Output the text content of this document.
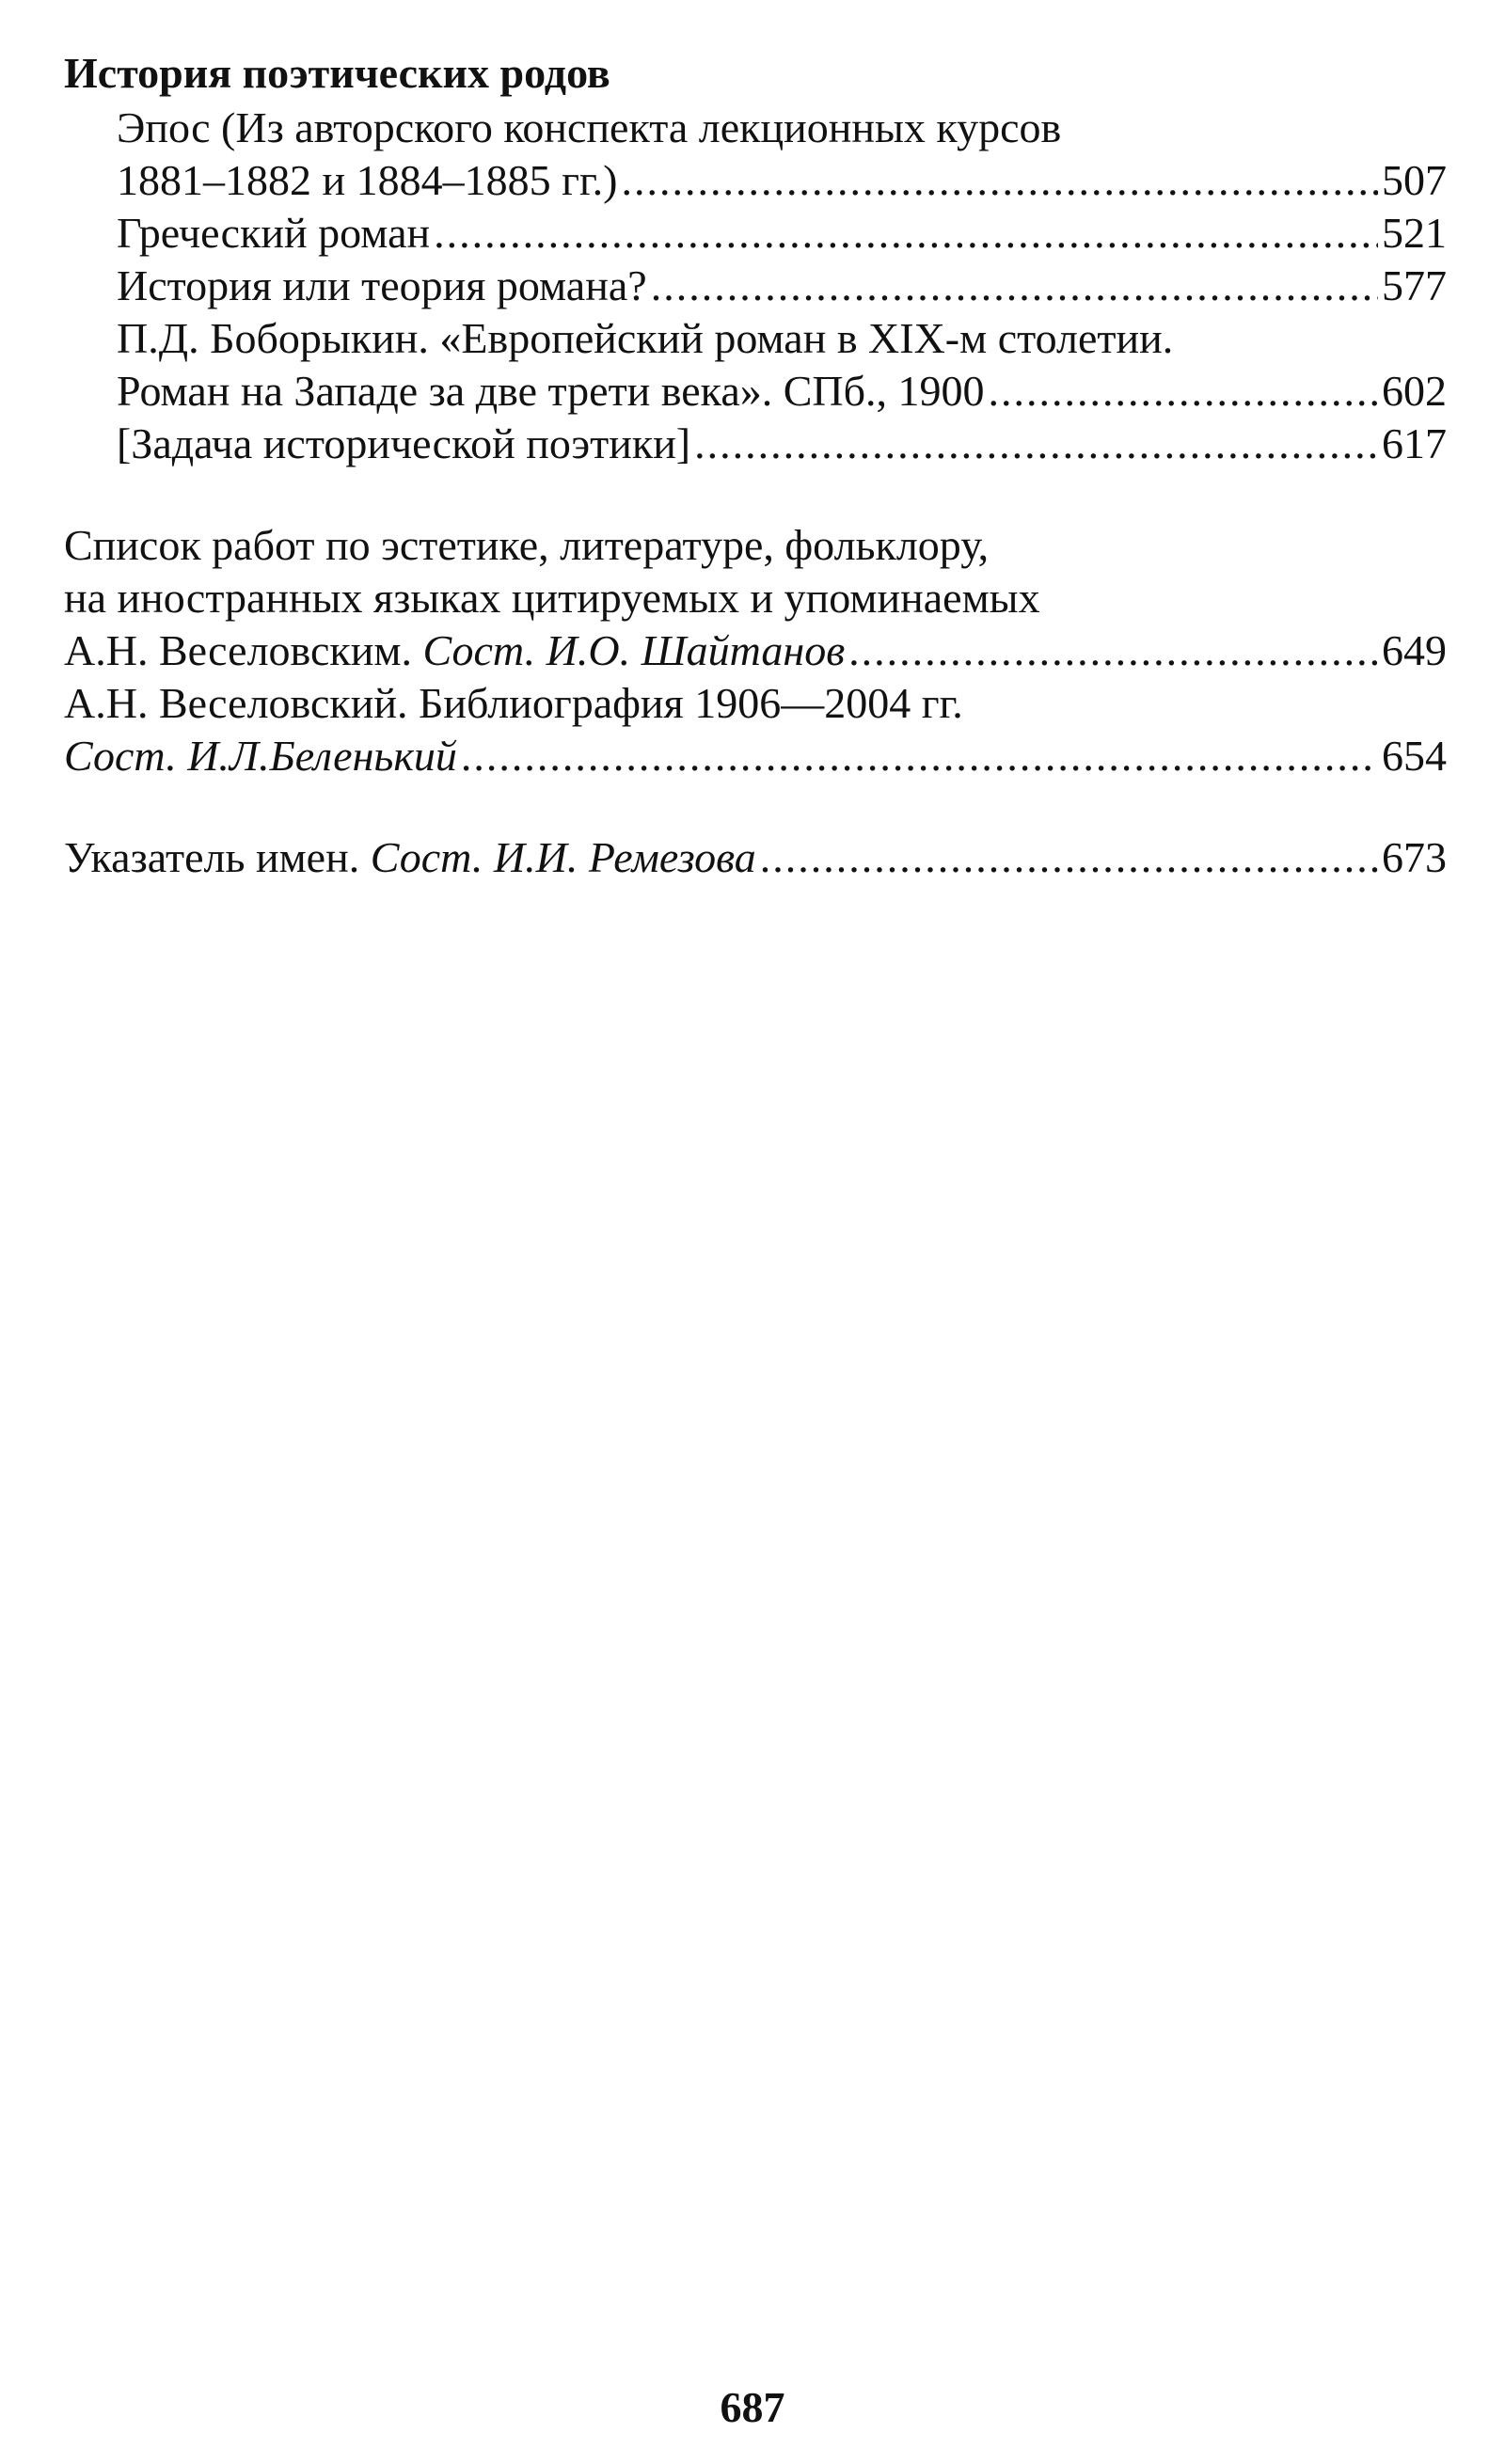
История поэтических родов
Эпос (Из авторского конспекта лекционных курсов
1881–1882 и 1884–1885 гг.) .....	507
Греческий роман .....	521
История или теория романа? .....	577
П.Д. Боборыкин. «Европейский роман в XIX-м столетии.
Роман на Западе за две трети века». СПб., 1900 .....	602
[Задача исторической поэтики] .....	617
Список работ по эстетике, литературе, фольклору,
на иностранных языках цитируемых и упоминаемых
А.Н. Веселовским. Сост. И.О. Шайтанов .....	649
А.Н. Веселовский. Библиография 1906—2004 гг.
Сост. И.Л.Беленький .....	654
Указатель имен. Сост. И.И. Ремезова .....	673
687
